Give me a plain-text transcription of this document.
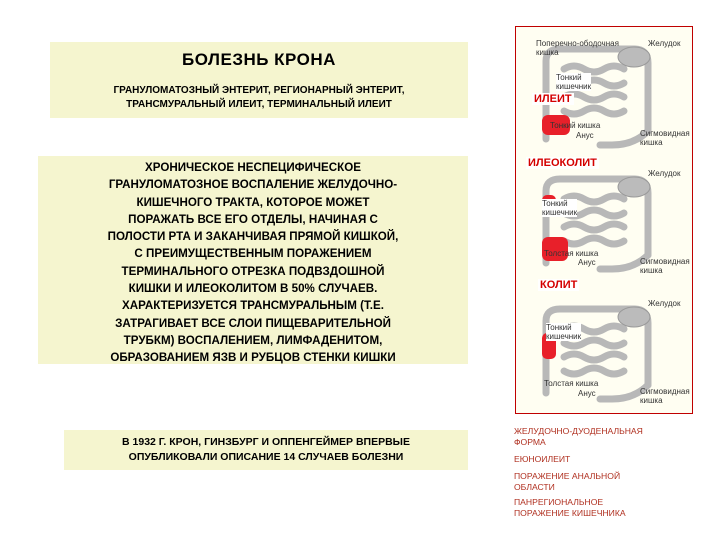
БОЛЕЗНЬ КРОНА
ГРАНУЛОМАТОЗНЫЙ ЭНТЕРИТ, РЕГИОНАРНЫЙ ЭНТЕРИТ, ТРАНСМУРАЛЬНЫЙ ИЛЕИТ, ТЕРМИНАЛЬНЫЙ ИЛЕИТ
ХРОНИЧЕСКОЕ НЕСПЕЦИФИЧЕСКОЕ
ГРАНУЛОМАТОЗНОЕ ВОСПАЛЕНИЕ ЖЕЛУДОЧНО-
КИШЕЧНОГО ТРАКТА, КОТОРОЕ МОЖЕТ
ПОРАЖАТЬ ВСЕ ЕГО ОТДЕЛЫ, НАЧИНАЯ С
ПОЛОСТИ РТА И ЗАКАНЧИВАЯ ПРЯМОЙ КИШКОЙ,
С ПРЕИМУЩЕСТВЕННЫМ ПОРАЖЕНИЕМ
ТЕРМИНАЛЬНОГО ОТРЕЗКА ПОДВЗДОШНОЙ
КИШКИ И ИЛЕОКОЛИТОМ В 50% СЛУЧАЕВ.
ХАРАКТЕРИЗУЕТСЯ ТРАНСМУРАЛЬНЫМ (Т.Е.
ЗАТРАГИВАЕТ ВСЕ СЛОИ ПИЩЕВАРИТЕЛЬНОЙ
ТРУБКМ) ВОСПАЛЕНИЕМ, ЛИМФАДЕНИТОМ,
ОБРАЗОВАНИЕМ ЯЗВ И РУБЦОВ СТЕНКИ КИШКИ
В 1932 Г. КРОН, ГИНЗБУРГ И ОППЕНГЕЙМЕР ВПЕРВЫЕ
ОПУБЛИКОВАЛИ ОПИСАНИЕ 14 СЛУЧАЕВ БОЛЕЗНИ
Поперечно-ободочная
кишка
Желудок
Тонкий
кишечник
ИЛЕИТ
Тонкий кишка
Анус	Сигмовидная
кишка
ИЛЕОКОЛИТ
Желудок
Тонкий
кишечник
Толстая кишка
Анус	Сигмовидная
кишка
КОЛИТ
Желудок
Тонкий
кишечник
Толстая кишка
Анус	Сигмовидная
кишка
ЖЕЛУДОЧНО-ДУОДЕНАЛЬНАЯ
ФОРМА
ЕЮНОИЛЕИТ
ПОРАЖЕНИЕ АНАЛЬНОЙ
ОБЛАСТИ
ПАНРЕГИОНАЛЬНОЕ
ПОРАЖЕНИЕ КИШЕЧНИКА
